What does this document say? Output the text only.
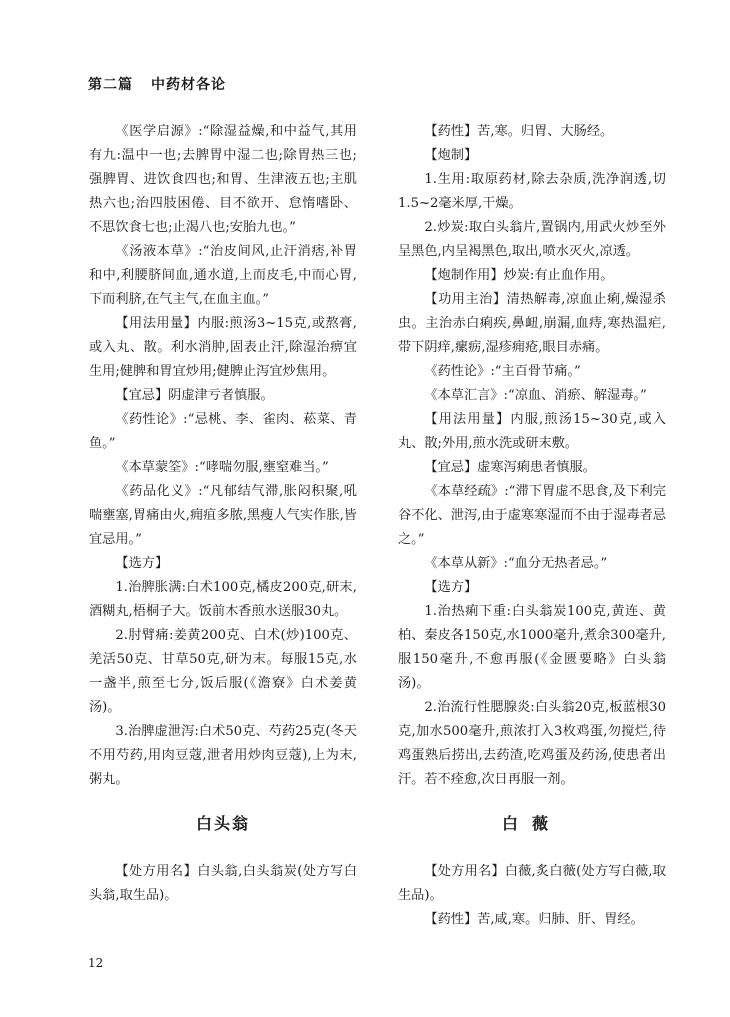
第二篇 中药材各论

《医学启源》:“除湿益燥,和中益气,其用有九:温中一也;去脾胃中湿二也;除胃热三也;强脾胃、进饮食四也;和胃、生津液五也;主肌热六也;治四肢困倦、目不欲开、怠惰嗜卧、不思饮食七也;止渴八也;安胎九也。”

《汤液本草》:“治皮间风,止汗消痞,补胃和中,利腰脐间血,通水道,上而皮毛,中而心胃,下而利脐,在气主气,在血主血。”

【用法用量】内服:煎汤3~15克,或熬膏,或入丸、散。利水消肿,固表止汗,除湿治痹宜生用;健脾和胃宜炒用;健脾止泻宜炒焦用。

【宜忌】阴虚津亏者慎服。

《药性论》:“忌桃、李、雀肉、菘菜、青鱼。”

《本草蒙筌》:“哮喘勿服,壅窒难当。”

《药品化义》:“凡郁结气滞,胀闷积聚,吼喘壅塞,胃痛由火,痈疽多脓,黑瘦人气实作胀,皆宜忌用。”

【选方】

1.治脾胀满:白术100克,橘皮200克,研末,酒糊丸,梧桐子大。饭前木香煎水送服30丸。

2.肘臂痛:姜黄200克、白术(炒)100克、羌活50克、甘草50克,研为末。每服15克,水一盏半,煎至七分,饭后服(《澹寮》白术姜黄汤)。

3.治脾虚泄泻:白术50克、芍药25克(冬天不用芍药,用肉豆蔻,泄者用炒肉豆蔻),上为末,粥丸。

白头翁

【处方用名】白头翁,白头翁炭(处方写白头翁,取生品)。

【药性】苦,寒。归胃、大肠经。

【炮制】

1.生用:取原药材,除去杂质,洗净润透,切1.5~2毫米厚,干燥。

2.炒炭:取白头翁片,置锅内,用武火炒至外呈黑色,内呈褐黑色,取出,喷水灭火,凉透。

【炮制作用】炒炭:有止血作用。

【功用主治】清热解毒,凉血止痢,燥湿杀虫。主治赤白痢疾,鼻衄,崩漏,血痔,寒热温疟,带下阴痒,瘰疬,湿疹痈疮,眼目赤痛。

《药性论》:“主百骨节痛。”

《本草汇言》:“凉血、消瘀、解湿毒。”

【用法用量】内服,煎汤15~30克,或入丸、散;外用,煎水洗或研末敷。

【宜忌】虚寒泻痢患者慎服。

《本草经疏》:“滞下胃虚不思食,及下利完谷不化、泄泻,由于虚寒寒湿而不由于湿毒者忌之。”

《本草从新》:“血分无热者忌。”

【选方】

1.治热痢下重:白头翁炭100克,黄连、黄柏、秦皮各150克,水1000毫升,煮余300毫升,服150毫升,不愈再服(《金匮要略》白头翁汤)。

2.治流行性腮腺炎:白头翁20克,板蓝根30克,加水500毫升,煎浓打入3枚鸡蛋,勿搅烂,待鸡蛋熟后捞出,去药渣,吃鸡蛋及药汤,使患者出汗。若不痊愈,次日再服一剂。

白薇

【处方用名】白薇,炙白薇(处方写白薇,取生品)。

【药性】苦,咸,寒。归肺、肝、胃经。

12
